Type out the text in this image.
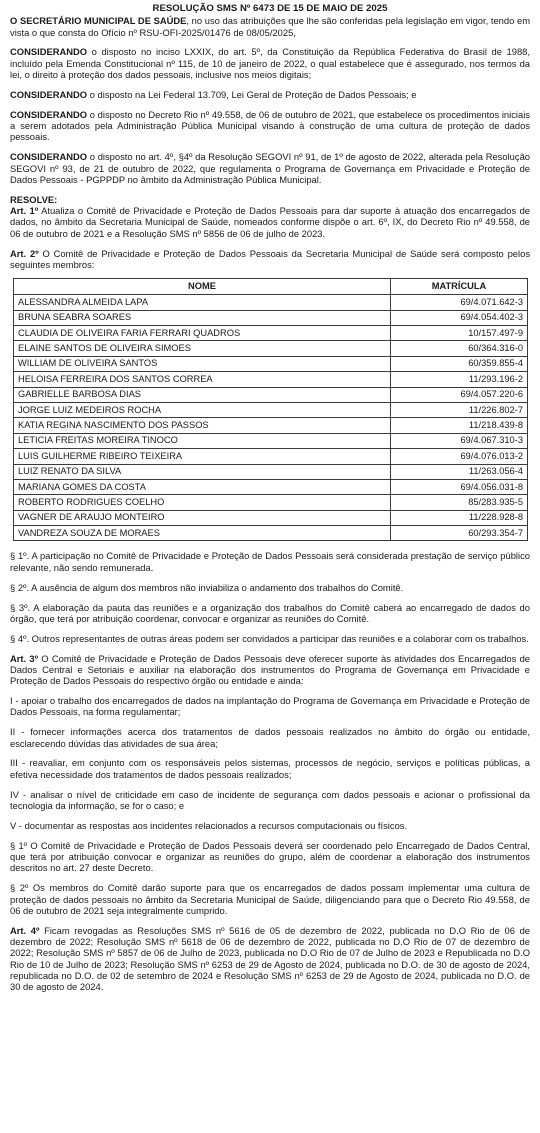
RESOLUÇÃO SMS Nº 6473 DE 15 DE MAIO DE 2025

O SECRETÁRIO MUNICIPAL DE SAÚDE, no uso das atribuições que lhe são conferidas pela legislação em vigor, tendo em vista o que consta do Ofício nº RSU-OFI-2025/01476 de 08/05/2025,

CONSIDERANDO o disposto no inciso LXXIX, do art. 5º, da Constituição da República Federativa do Brasil de 1988, incluído pela Emenda Constitucional nº 115, de 10 de janeiro de 2022, o qual estabelece que é assegurado, nos termos da lei, o direito à proteção dos dados pessoais, inclusive nos meios digitais;

CONSIDERANDO o disposto na Lei Federal 13.709, Lei Geral de Proteção de Dados Pessoais; e

CONSIDERANDO o disposto no Decreto Rio nº 49.558, de 06 de outubro de 2021, que estabelece os procedimentos iniciais a serem adotados pela Administração Pública Municipal visando à construção de uma cultura de proteção de dados pessoais.

CONSIDERANDO o disposto no art. 4º, §4º da Resolução SEGOVI nº 91, de 1º de agosto de 2022, alterada pela Resolução SEGOVI nº 93, de 21 de outubro de 2022, que regulamenta o Programa de Governança em Privacidade e Proteção de Dados Pessoais - PGPPDP no âmbito da Administração Pública Municipal.

RESOLVE:

Art. 1º Atualiza o Comitê de Privacidade e Proteção de Dados Pessoais para dar suporte à atuação dos encarregados de dados, no âmbito da Secretaria Municipal de Saúde, nomeados conforme dispõe o art. 6º, IX, do Decreto Rio nº 49.558, de 06 de outubro de 2021 e a Resolução SMS nº 5856 de 06 de julho de 2023.

Art. 2º O Comitê de Privacidade e Proteção de Dados Pessoais da Secretaria Municipal de Saúde será composto pelos seguintes membros:

NOME	MATRÍCULA
ALESSANDRA ALMEIDA LAPA	69/4.071.642-3
BRUNA SEABRA SOARES	69/4.054.402-3
CLAUDIA DE OLIVEIRA FARIA FERRARI QUADROS	10/157.497-9
ELAINE SANTOS DE OLIVEIRA SIMOES	60/364.316-0
WILLIAM DE OLIVEIRA SANTOS	60/359.855-4
HELOISA FERREIRA DOS SANTOS CORREA	11/293.196-2
GABRIELLE BARBOSA DIAS	69/4.057.220-6
JORGE LUIZ MEDEIROS ROCHA	11/226.802-7
KATIA REGINA NASCIMENTO DOS PASSOS	11/218.439-8
LETICIA FREITAS MOREIRA TINOCO	69/4.067.310-3
LUIS GUILHERME RIBEIRO TEIXEIRA	69/4.076.013-2
LUIZ RENATO DA SILVA	11/263.056-4
MARIANA GOMES DA COSTA	69/4.056.031-8
ROBERTO RODRIGUES COELHO	85/283.935-5
VAGNER DE ARAUJO MONTEIRO	11/228.928-8
VANDREZA SOUZA DE MORAES	60/293.354-7

§ 1º. A participação no Comitê de Privacidade e Proteção de Dados Pessoais será considerada prestação de serviço público relevante, não sendo remunerada.

§ 2º. A ausência de algum dos membros não inviabiliza o andamento dos trabalhos do Comitê.

§ 3º. A elaboração da pauta das reuniões e a organização dos trabalhos do Comitê caberá ao encarregado de dados do órgão, que terá por atribuição coordenar, convocar e organizar as reuniões do Comitê.

§ 4º. Outros representantes de outras áreas podem ser convidados a participar das reuniões e a colaborar com os trabalhos.

Art. 3º O Comitê de Privacidade e Proteção de Dados Pessoais deve oferecer suporte às atividades dos Encarregados de Dados Central e Setoriais e auxiliar na elaboração dos instrumentos do Programa de Governança em Privacidade e Proteção de Dados Pessoais do respectivo órgão ou entidade e ainda:

I - apoiar o trabalho dos encarregados de dados na implantação do Programa de Governança em Privacidade e Proteção de Dados Pessoais, na forma regulamentar;

II - fornecer informações acerca dos tratamentos de dados pessoais realizados no âmbito do órgão ou entidade, esclarecendo dúvidas das atividades de sua área;

III - reavaliar, em conjunto com os responsáveis pelos sistemas, processos de negócio, serviços e políticas públicas, a efetiva necessidade dos tratamentos de dados pessoais realizados;

IV - analisar o nível de criticidade em caso de incidente de segurança com dados pessoais e acionar o profissional da tecnologia da informação, se for o caso; e

V - documentar as respostas aos incidentes relacionados a recursos computacionais ou físicos.

§ 1º O Comitê de Privacidade e Proteção de Dados Pessoais deverá ser coordenado pelo Encarregado de Dados Central, que terá por atribuição convocar e organizar as reuniões do grupo, além de coordenar a elaboração dos instrumentos descritos no art. 27 deste Decreto.

§ 2º Os membros do Comitê darão suporte para que os encarregados de dados possam implementar uma cultura de proteção de dados pessoais no âmbito da Secretaria Municipal de Saúde, diligenciando para que o Decreto Rio 49.558, de 06 de outubro de 2021 seja integralmente cumprido.

Art. 4º Ficam revogadas as Resoluções SMS nº 5616 de 05 de dezembro de 2022, publicada no D.O Rio de 06 de dezembro de 2022; Resolução SMS nº 5618 de 06 de dezembro de 2022, publicada no D.O Rio de 07 de dezembro de 2022; Resolução SMS nº 5857 de 06 de Julho de 2023, publicada no D.O Rio de 07 de Julho de 2023 e Republicada no D.O Rio de 10 de Julho de 2023; Resolução SMS nº 6253 de 29 de Agosto de 2024, publicada no D.O. de 30 de agosto de 2024, republicada no D.O. de 02 de setembro de 2024 e Resolução SMS nº 6253 de 29 de Agosto de 2024, publicada no D.O. de 30 de agosto de 2024.
